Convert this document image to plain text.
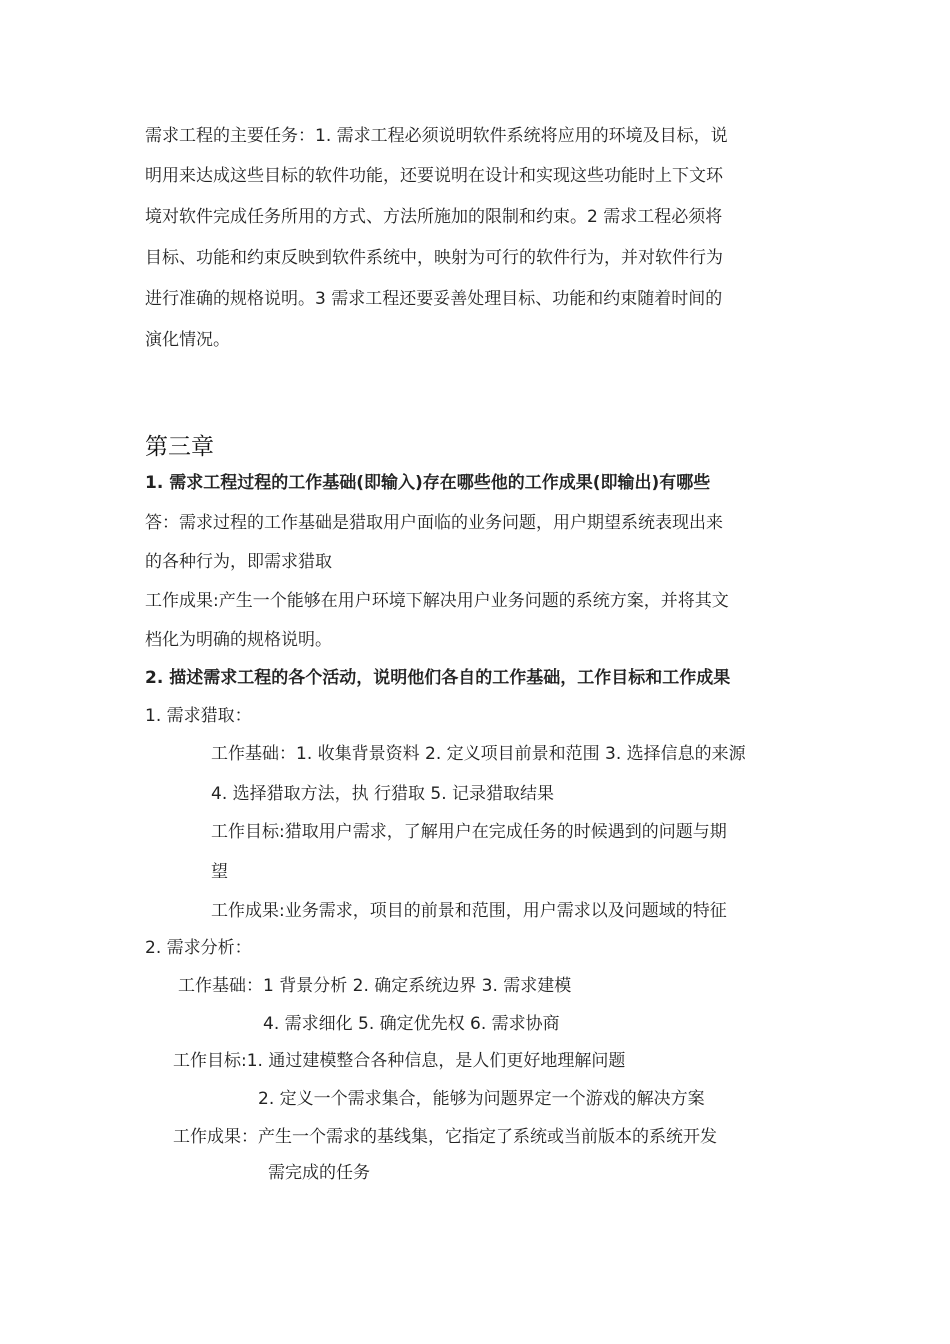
需求工程的主要任务：1. 需求工程必须说明软件系统将应用的环境及目标，说

明用来达成这些目标的软件功能，还要说明在设计和实现这些功能时上下文环

境对软件完成任务所用的方式、方法所施加的限制和约束。2 需求工程必须将

目标、功能和约束反映到软件系统中，映射为可行的软件行为，并对软件行为

进行准确的规格说明。3 需求工程还要妥善处理目标、功能和约束随着时间的

演化情况。

第三章

1. 需求工程过程的工作基础(即输入)存在哪些他的工作成果(即输出)有哪些

答：需求过程的工作基础是猎取用户面临的业务问题，用户期望系统表现出来

的各种行为，即需求猎取

工作成果:产生一个能够在用户环境下解决用户业务问题的系统方案，并将其文

档化为明确的规格说明。

2. 描述需求工程的各个活动，说明他们各自的工作基础，工作目标和工作成果

1. 需求猎取：

工作基础：1. 收集背景资料 2. 定义项目前景和范围 3. 选择信息的来源

4. 选择猎取方法，执 行猎取 5. 记录猎取结果

工作目标:猎取用户需求，了解用户在完成任务的时候遇到的问题与期

望

工作成果:业务需求，项目的前景和范围，用户需求以及问题域的特征

2. 需求分析：

工作基础：1 背景分析 2. 确定系统边界 3. 需求建模

4. 需求细化 5. 确定优先权 6. 需求协商

工作目标:1. 通过建模整合各种信息，是人们更好地理解问题

2. 定义一个需求集合，能够为问题界定一个游戏的解决方案

工作成果：产生一个需求的基线集，它指定了系统或当前版本的系统开发

需完成的任务
